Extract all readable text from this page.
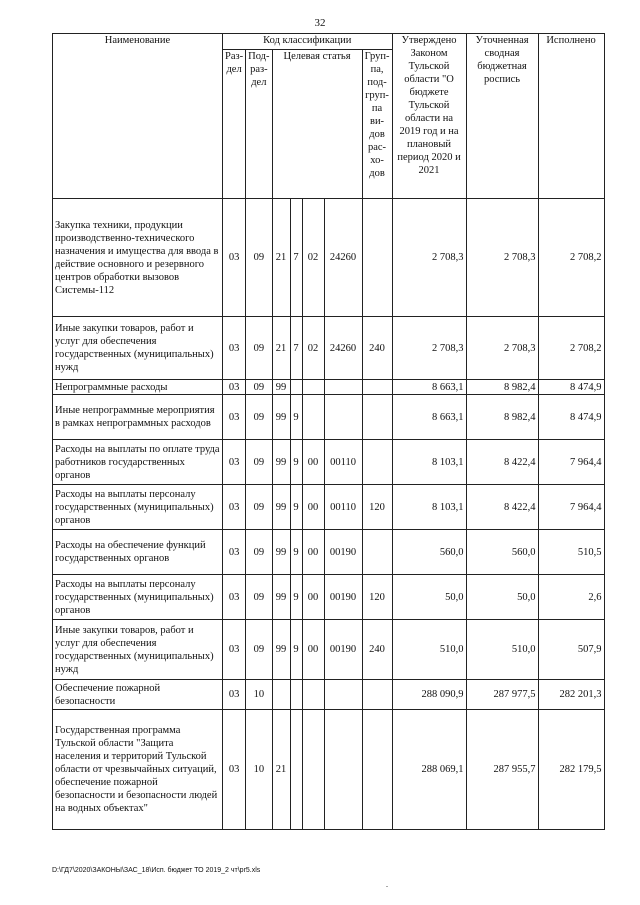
32
Наименование	Код классификации							Утверждено Законом Тульской области "О бюджете Тульской области на 2019 год и на плановый период 2020 и 2021	Уточненная сводная бюджетная роспись	Исполнено
	Раз-дел	Под-раз-дел	Целевая статья				Груп-па, под-груп-па ви-дов рас-хо-дов			
Закупка техники, продукции производственно-технического назначения и имущества для ввода в действие основного и резервного центров обработки вызовов Системы-112	03	09	21	7	02	24260		2 708,3	2 708,3	2 708,2
Иные закупки товаров, работ и услуг для обеспечения государственных (муниципальных) нужд	03	09	21	7	02	24260	240	2 708,3	2 708,3	2 708,2
Непрограммные расходы	03	09	99					8 663,1	8 982,4	8 474,9
Иные непрограммные мероприятия в рамках непрограммных расходов	03	09	99	9				8 663,1	8 982,4	8 474,9
Расходы на выплаты по оплате труда работников государственных органов	03	09	99	9	00	00110		8 103,1	8 422,4	7 964,4
Расходы на выплаты персоналу государственных (муниципальных) органов	03	09	99	9	00	00110	120	8 103,1	8 422,4	7 964,4
Расходы на обеспечение функций государственных органов	03	09	99	9	00	00190		560,0	560,0	510,5
Расходы на выплаты персоналу государственных (муниципальных) органов	03	09	99	9	00	00190	120	50,0	50,0	2,6
Иные закупки товаров, работ и услуг для обеспечения государственных (муниципальных) нужд	03	09	99	9	00	00190	240	510,0	510,0	507,9
Обеспечение пожарной безопасности	03	10						288 090,9	287 977,5	282 201,3
Государственная программа Тульской области "Защита населения и территорий Тульской области от чрезвычайных ситуаций, обеспечение пожарной безопасности и безопасности людей на водных объектах"	03	10	21					288 069,1	287 955,7	282 179,5
D:\ГД7\2020\ЗАКОНЫ\ЗАС_18\Исп. бюджет ТО 2019_2 чт\pr5.xls
.
